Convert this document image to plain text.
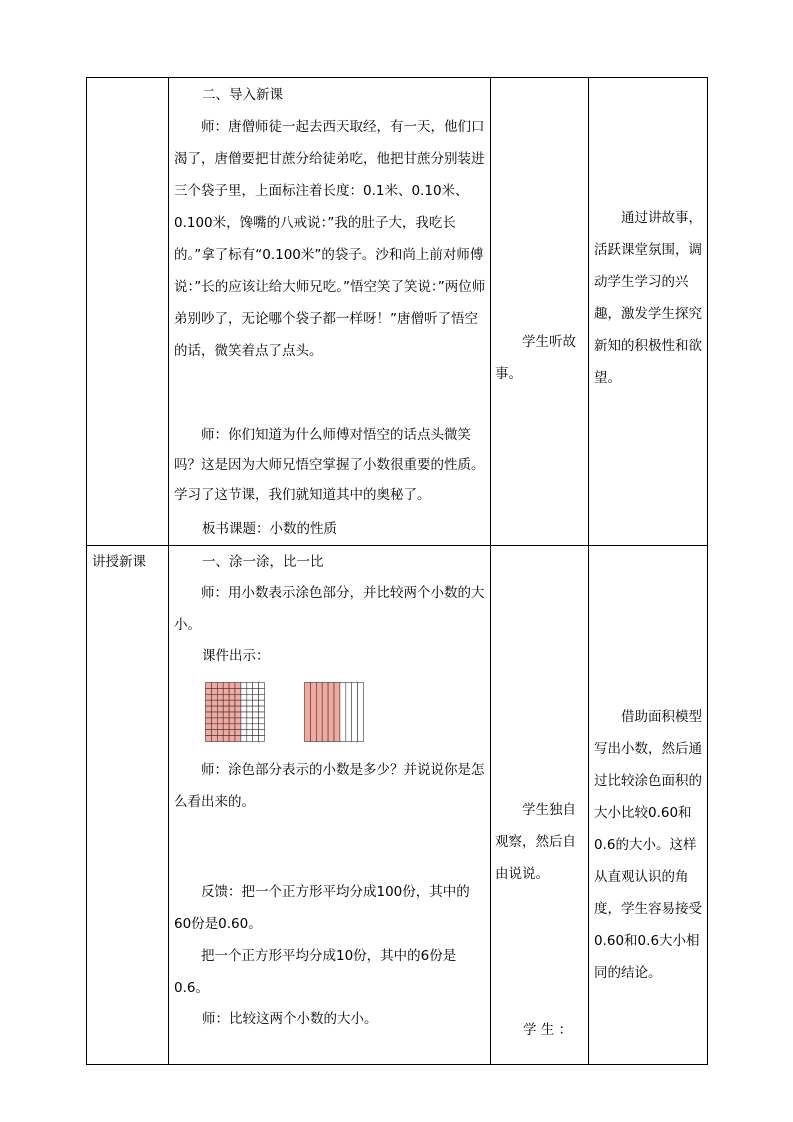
二、导入新课
师：唐僧师徒一起去西天取经，有一天，他们口渴了，唐僧要把甘蔗分给徒弟吃，他把甘蔗分别装进三个袋子里，上面标注着长度：0.1米、0.10米、0.100米，馋嘴的八戒说：”我的肚子大，我吃长的。”拿了标有“0.100米”的袋子。沙和尚上前对师傅说：”长的应该让给大师兄吃。”悟空笑了笑说：”两位师弟别吵了，无论哪个袋子都一样呀！”唐僧听了悟空的话，微笑着点了点头。
师：你们知道为什么师傅对悟空的话点头微笑吗？这是因为大师兄悟空掌握了小数很重要的性质。学习了这节课，我们就知道其中的奥秘了。
板书课题：小数的性质
学生听故事。
通过讲故事，活跃课堂氛围，调动学生学习的兴趣，激发学生探究新知的积极性和欲望。
讲授新课	一、涂一涂，比一比
师：用小数表示涂色部分，并比较两个小数的大小。
课件出示：
师：涂色部分表示的小数是多少？并说说你是怎么看出来的。
反馈：把一个正方形平均分成100份，其中的60份是0.60。
把一个正方形平均分成10份，其中的6份是0.6。
师：比较这两个小数的大小。
学生独自观察，然后自由说说。
学 生 ：
借助面积模型写出小数，然后通过比较涂色面积的大小比较0.60和0.6的大小。这样从直观认识的角度，学生容易接受0.60和0.6大小相同的结论。
